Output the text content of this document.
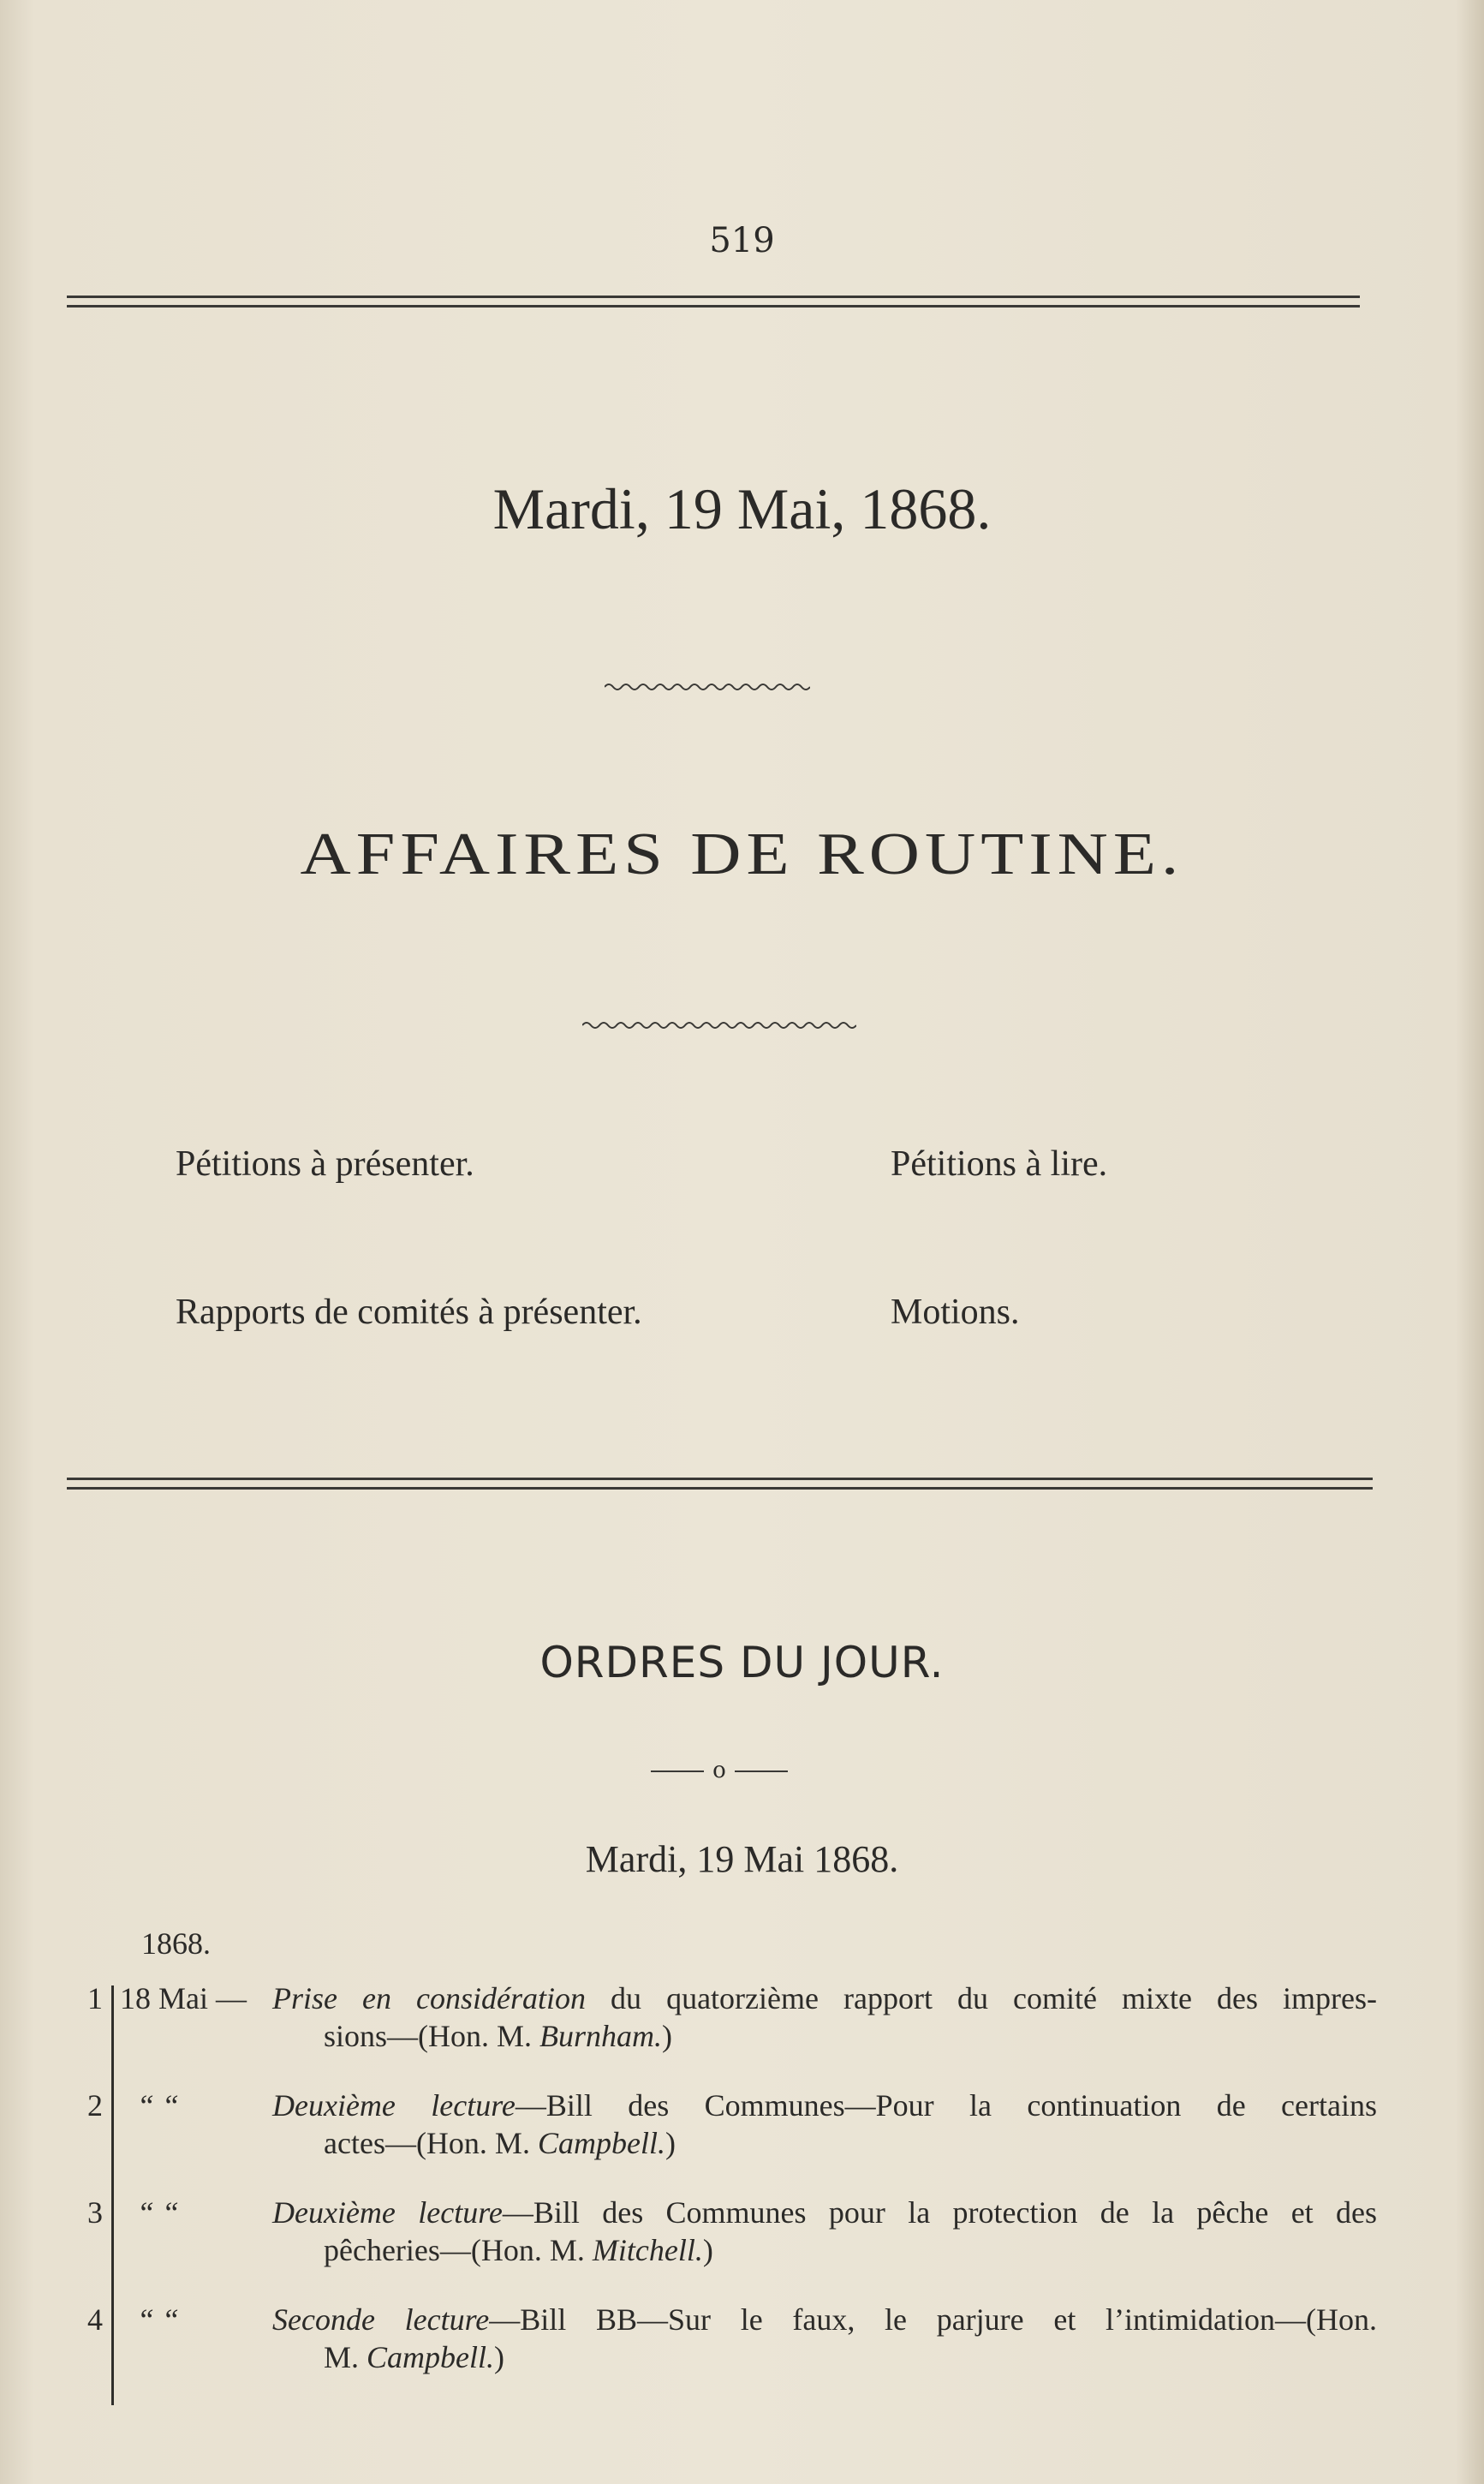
519
Mardi, 19 Mai, 1868.
AFFAIRES DE ROUTINE.
Pétitions à présenter.	Pétitions à lire.
Rapports de comités à présenter.	Motions.
ORDRES DU JOUR.
o
Mardi, 19 Mai 1868.
1868.
1 18 Mai — Prise en considération du quatorzième rapport du comité mixte des impres-
sions—(Hon. M. Burnham.)
2 “ “	Deuxième lecture—Bill des Communes—Pour la continuation de certains
actes—(Hon. M. Campbell.)
3 “ “	Deuxième lecture—Bill des Communes pour la protection de la pêche et des
pêcheries—(Hon. M. Mitchell.)
4 “ “	Seconde lecture—Bill BB—Sur le faux, le parjure et l’intimidation—(Hon.
M. Campbell.)
